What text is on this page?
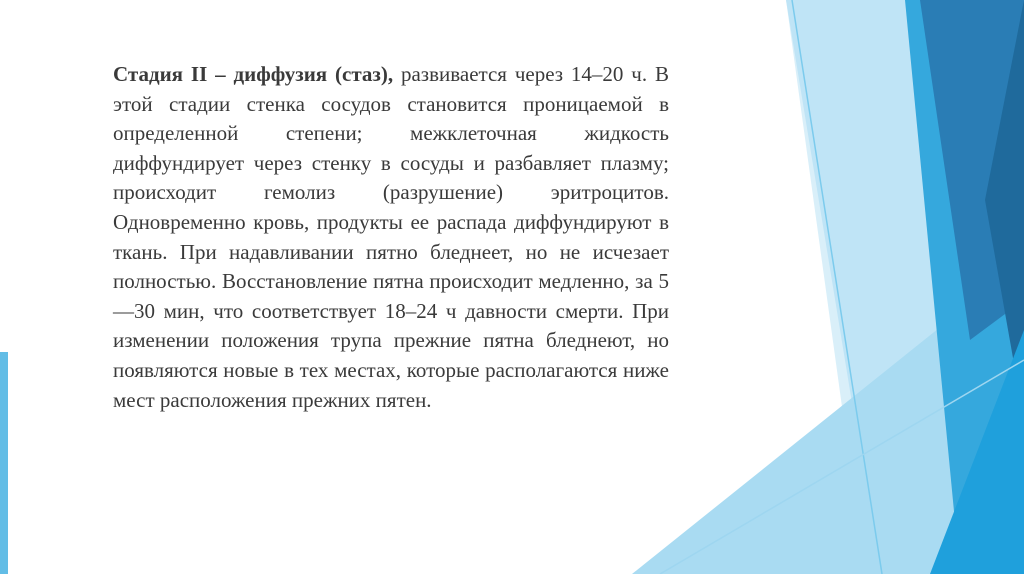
Стадия II – диффузия (стаз), развивается через 14–20 ч. В этой стадии стенка сосудов становится проницаемой в определенной степени; межклеточная жидкость диффундирует через стенку в сосуды и разбавляет плазму; происходит гемолиз (разрушение) эритроцитов. Одновременно кровь, продукты ее распада диффундируют в ткань. При надавливании пятно бледнеет, но не исчезает полностью. Восстановление пятна происходит медленно, за 5—30 мин, что соответствует 18–24 ч давности смерти. При изменении положения трупа прежние пятна бледнеют, но появляются новые в тех местах, которые располагаются ниже мест расположения прежних пятен.
